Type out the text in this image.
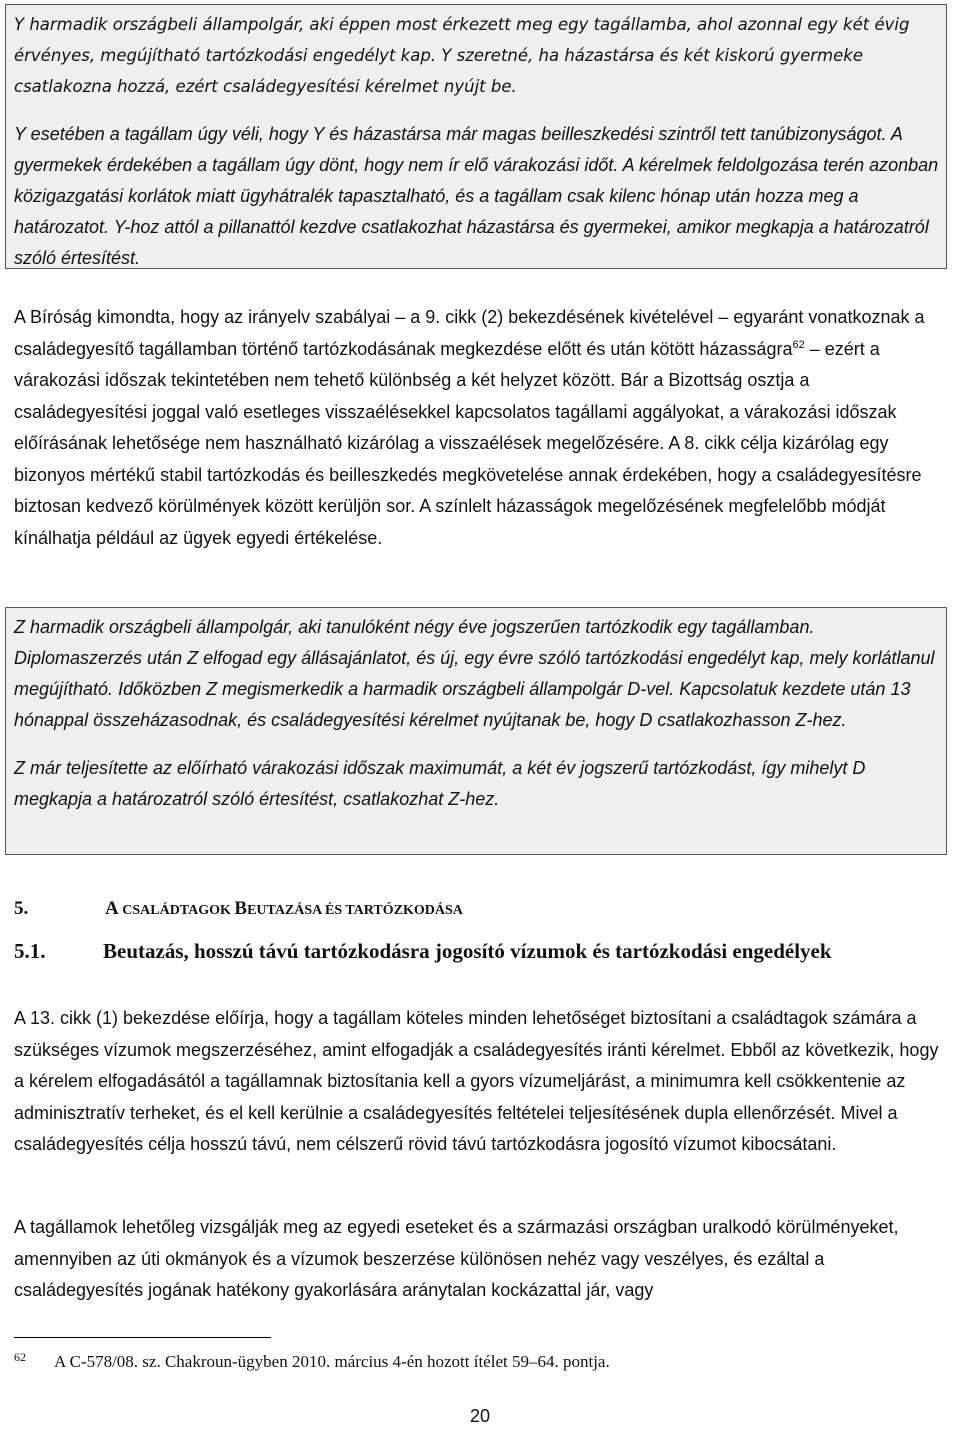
Y harmadik országbeli állampolgár, aki éppen most érkezett meg egy tagállamba, ahol azonnal egy két évig érvényes, megújítható tartózkodási engedélyt kap. Y szeretné, ha házastársa és két kiskorú gyermeke csatlakozna hozzá, ezért családegyesítési kérelmet nyújt be.

Y esetében a tagállam úgy véli, hogy Y és házastársa már magas beilleszkedési szintről tett tanúbizonyságot. A gyermekek érdekében a tagállam úgy dönt, hogy nem ír elő várakozási időt. A kérelmek feldolgozása terén azonban közigazgatási korlátok miatt ügyhátralék tapasztalható, és a tagállam csak kilenc hónap után hozza meg a határozatot. Y-hoz attól a pillanattól kezdve csatlakozhat házastársa és gyermekei, amikor megkapja a határozatról szóló értesítést.

A Bíróság kimondta, hogy az irányelv szabályai – a 9. cikk (2) bekezdésének kivételével – egyaránt vonatkoznak a családegyesítő tagállamban történő tartózkodásának megkezdése előtt és után kötött házasságra$^{62}$ – ezért a várakozási időszak tekintetében nem tehető különbség a két helyzet között. Bár a Bizottság osztja a családegyesítési joggal való esetleges visszaélésekkel kapcsolatos tagállami aggályokat, a várakozási időszak előírásának lehetősége nem használható kizárólag a visszaélések megelőzésére. A 8. cikk célja kizárólag egy bizonyos mértékű stabil tartózkodás és beilleszkedés megkövetelése annak érdekében, hogy a családegyesítésre biztosan kedvező körülmények között kerüljön sor. A színlelt házasságok megelőzésének megfelelőbb módját kínálhatja például az ügyek egyedi értékelése.

Z harmadik országbeli állampolgár, aki tanulóként négy éve jogszerűen tartózkodik egy tagállamban. Diplomaszerzés után Z elfogad egy állásajánlatot, és új, egy évre szóló tartózkodási engedélyt kap, mely korlátlanul megújítható. Időközben Z megismerkedik a harmadik országbeli állampolgár D-vel. Kapcsolatuk kezdete után 13 hónappal összeházasodnak, és családegyesítési kérelmet nyújtanak be, hogy D csatlakozhasson Z-hez.

Z már teljesítette az előírható várakozási időszak maximumát, a két év jogszerű tartózkodást, így mihelyt D megkapja a határozatról szóló értesítést, csatlakozhat Z-hez.

5.	A CSALÁDTAGOK BEUTAZÁSA ÉS TARTÓZKODÁSA
5.1.	Beutazás, hosszú távú tartózkodásra jogosító vízumok és tartózkodási engedélyek

A 13. cikk (1) bekezdése előírja, hogy a tagállam köteles minden lehetőséget biztosítani a családtagok számára a szükséges vízumok megszerzéséhez, amint elfogadják a családegyesítés iránti kérelmet. Ebből az következik, hogy a kérelem elfogadásától a tagállamnak biztosítania kell a gyors vízumeljárást, a minimumra kell csökkentenie az adminisztratív terheket, és el kell kerülnie a családegyesítés feltételei teljesítésének dupla ellenőrzését. Mivel a családegyesítés célja hosszú távú, nem célszerű rövid távú tartózkodásra jogosító vízumot kibocsátani.

A tagállamok lehetőleg vizsgálják meg az egyedi eseteket és a származási országban uralkodó körülményeket, amennyiben az úti okmányok és a vízumok beszerzése különösen nehéz vagy veszélyes, és ezáltal a családegyesítés jogának hatékony gyakorlására aránytalan kockázattal jár, vagy

62 A C-578/08. sz. Chakroun-ügyben 2010. március 4-én hozott ítélet 59–64. pontja.
20
